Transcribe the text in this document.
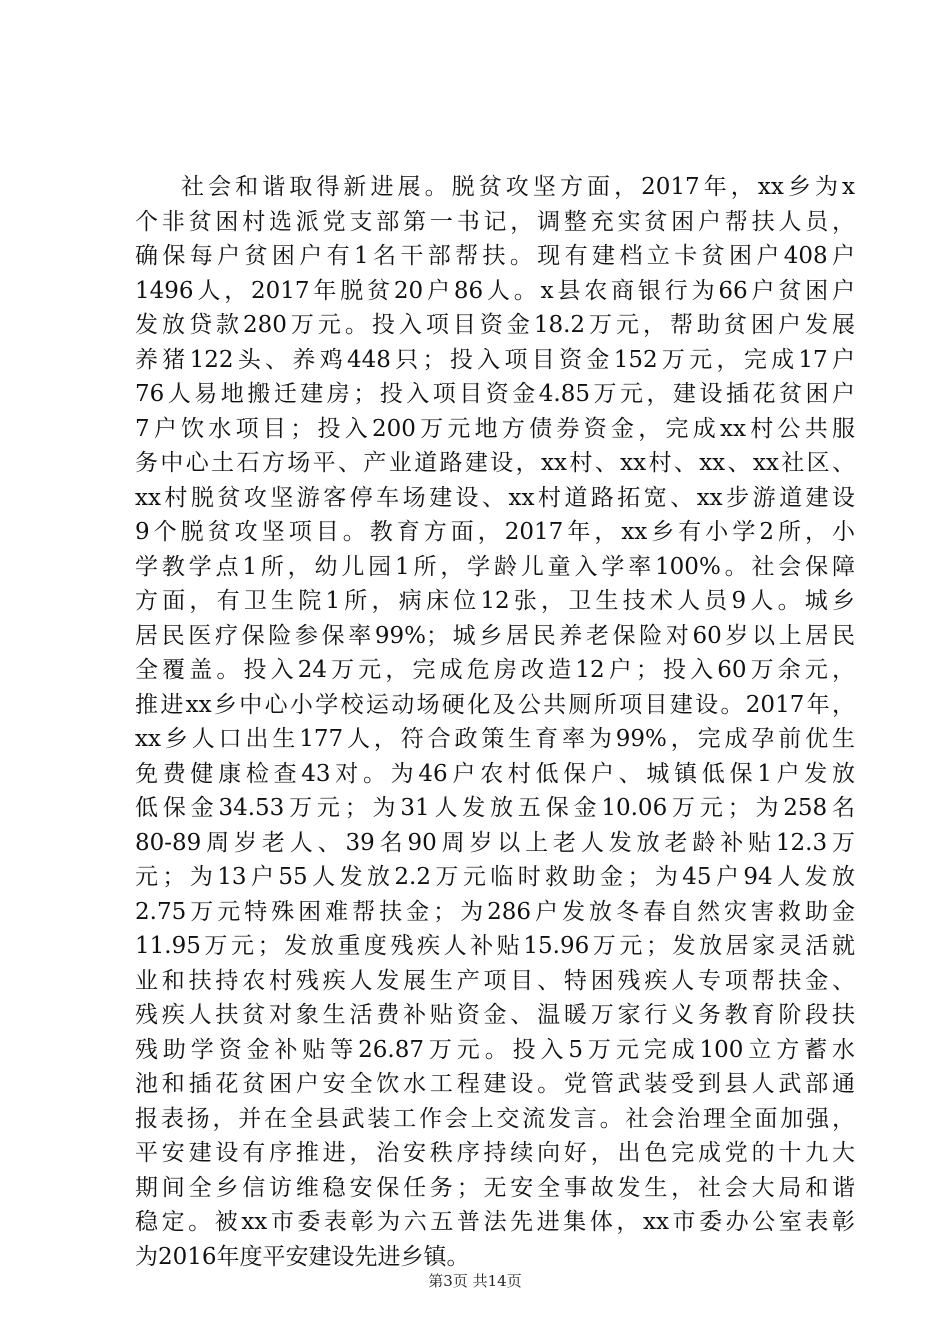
社会和谐取得新进展。脱贫攻坚方面，2017年，xx乡为x
个非贫困村选派党支部第一书记，调整充实贫困户帮扶人员，
确保每户贫困户有1名干部帮扶。现有建档立卡贫困户408户
1496人，2017年脱贫20户86人。x县农商银行为66户贫困户
发放贷款280万元。投入项目资金18.2万元，帮助贫困户发展
养猪122头、养鸡448只；投入项目资金152万元，完成17户
76人易地搬迁建房；投入项目资金4.85万元，建设插花贫困户
7户饮水项目；投入200万元地方债券资金，完成xx村公共服
务中心土石方场平、产业道路建设，xx村、xx村、xx、xx社区、
xx村脱贫攻坚游客停车场建设、xx村道路拓宽、xx步游道建设
9个脱贫攻坚项目。教育方面，2017年，xx乡有小学2所，小
学教学点1所，幼儿园1所，学龄儿童入学率100%。社会保障
方面，有卫生院1所，病床位12张，卫生技术人员9人。城乡
居民医疗保险参保率99%；城乡居民养老保险对60岁以上居民
全覆盖。投入24万元，完成危房改造12户；投入60万余元，
推进xx乡中心小学校运动场硬化及公共厕所项目建设。2017年，
xx乡人口出生177人，符合政策生育率为99%，完成孕前优生
免费健康检查43对。为46户农村低保户、城镇低保1户发放
低保金34.53万元；为31人发放五保金10.06万元；为258名
80-89周岁老人、39名90周岁以上老人发放老龄补贴12.3万
元；为13户55人发放2.2万元临时救助金；为45户94人发放
2.75万元特殊困难帮扶金；为286户发放冬春自然灾害救助金
11.95万元；发放重度残疾人补贴15.96万元；发放居家灵活就
业和扶持农村残疾人发展生产项目、特困残疾人专项帮扶金、
残疾人扶贫对象生活费补贴资金、温暖万家行义务教育阶段扶
残助学资金补贴等26.87万元。投入5万元完成100立方蓄水
池和插花贫困户安全饮水工程建设。党管武装受到县人武部通
报表扬，并在全县武装工作会上交流发言。社会治理全面加强，
平安建设有序推进，治安秩序持续向好，出色完成党的十九大
期间全乡信访维稳安保任务；无安全事故发生，社会大局和谐
稳定。被xx市委表彰为六五普法先进集体，xx市委办公室表彰
为2016年度平安建设先进乡镇。
第3页 共14页
